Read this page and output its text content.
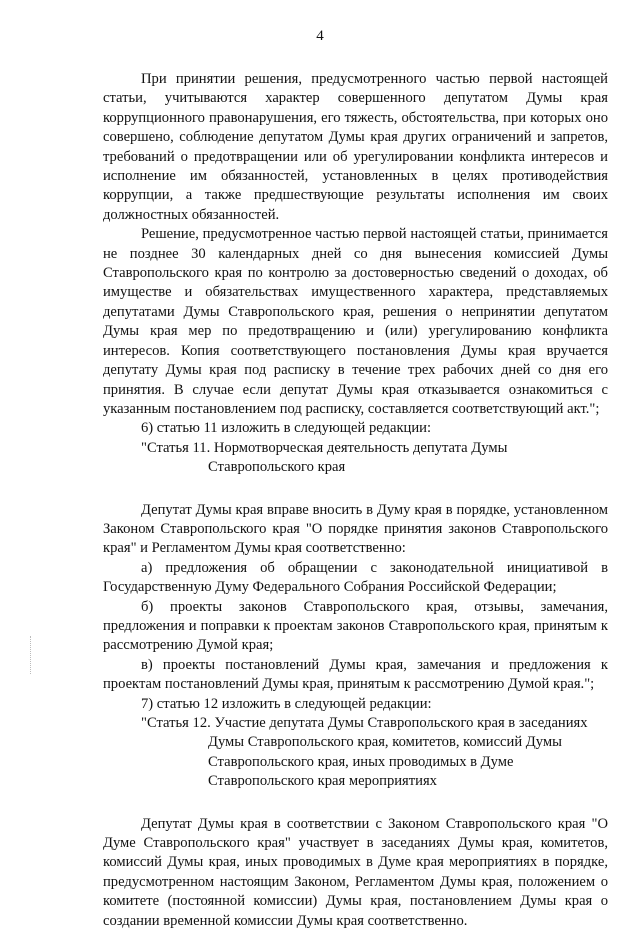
4

При принятии решения, предусмотренного частью первой настоящей статьи, учитываются характер совершенного депутатом Думы края коррупционного правонарушения, его тяжесть, обстоятельства, при которых оно совершено, соблюдение депутатом Думы края других ограничений и запретов, требований о предотвращении или об урегулировании конфликта интересов и исполнение им обязанностей, установленных в целях противодействия коррупции, а также предшествующие результаты исполнения им своих должностных обязанностей.

Решение, предусмотренное частью первой настоящей статьи, принимается не позднее 30 календарных дней со дня вынесения комиссией Думы Ставропольского края по контролю за достоверностью сведений о доходах, об имуществе и обязательствах имущественного характера, представляемых депутатами Думы Ставропольского края, решения о непринятии депутатом Думы края мер по предотвращению и (или) урегулированию конфликта интересов. Копия соответствующего постановления Думы края вручается депутату Думы края под расписку в течение трех рабочих дней со дня его принятия. В случае если депутат Думы края отказывается ознакомиться с указанным постановлением под расписку, составляется соответствующий акт.";

6) статью 11 изложить в следующей редакции:

"Статья 11. Нормотворческая деятельность депутата Думы
Ставропольского края

Депутат Думы края вправе вносить в Думу края в порядке, установленном Законом Ставропольского края "О порядке принятия законов Ставропольского края" и Регламентом Думы края соответственно:

а) предложения об обращении с законодательной инициативой в Государственную Думу Федерального Собрания Российской Федерации;

б) проекты законов Ставропольского края, отзывы, замечания, предложения и поправки к проектам законов Ставропольского края, принятым к рассмотрению Думой края;

в) проекты постановлений Думы края, замечания и предложения к проектам постановлений Думы края, принятым к рассмотрению Думой края.";

7) статью 12 изложить в следующей редакции:

"Статья 12. Участие депутата Думы Ставропольского края в заседаниях
Думы Ставропольского края, комитетов, комиссий Думы
Ставропольского края, иных проводимых в Думе
Ставропольского края мероприятиях

Депутат Думы края в соответствии с Законом Ставропольского края "О Думе Ставропольского края" участвует в заседаниях Думы края, комитетов, комиссий Думы края, иных проводимых в Думе края мероприятиях в порядке, предусмотренном настоящим Законом, Регламентом Думы края, положением о комитете (постоянной комиссии) Думы края, постановлением Думы края о создании временной комиссии Думы края соответственно.
